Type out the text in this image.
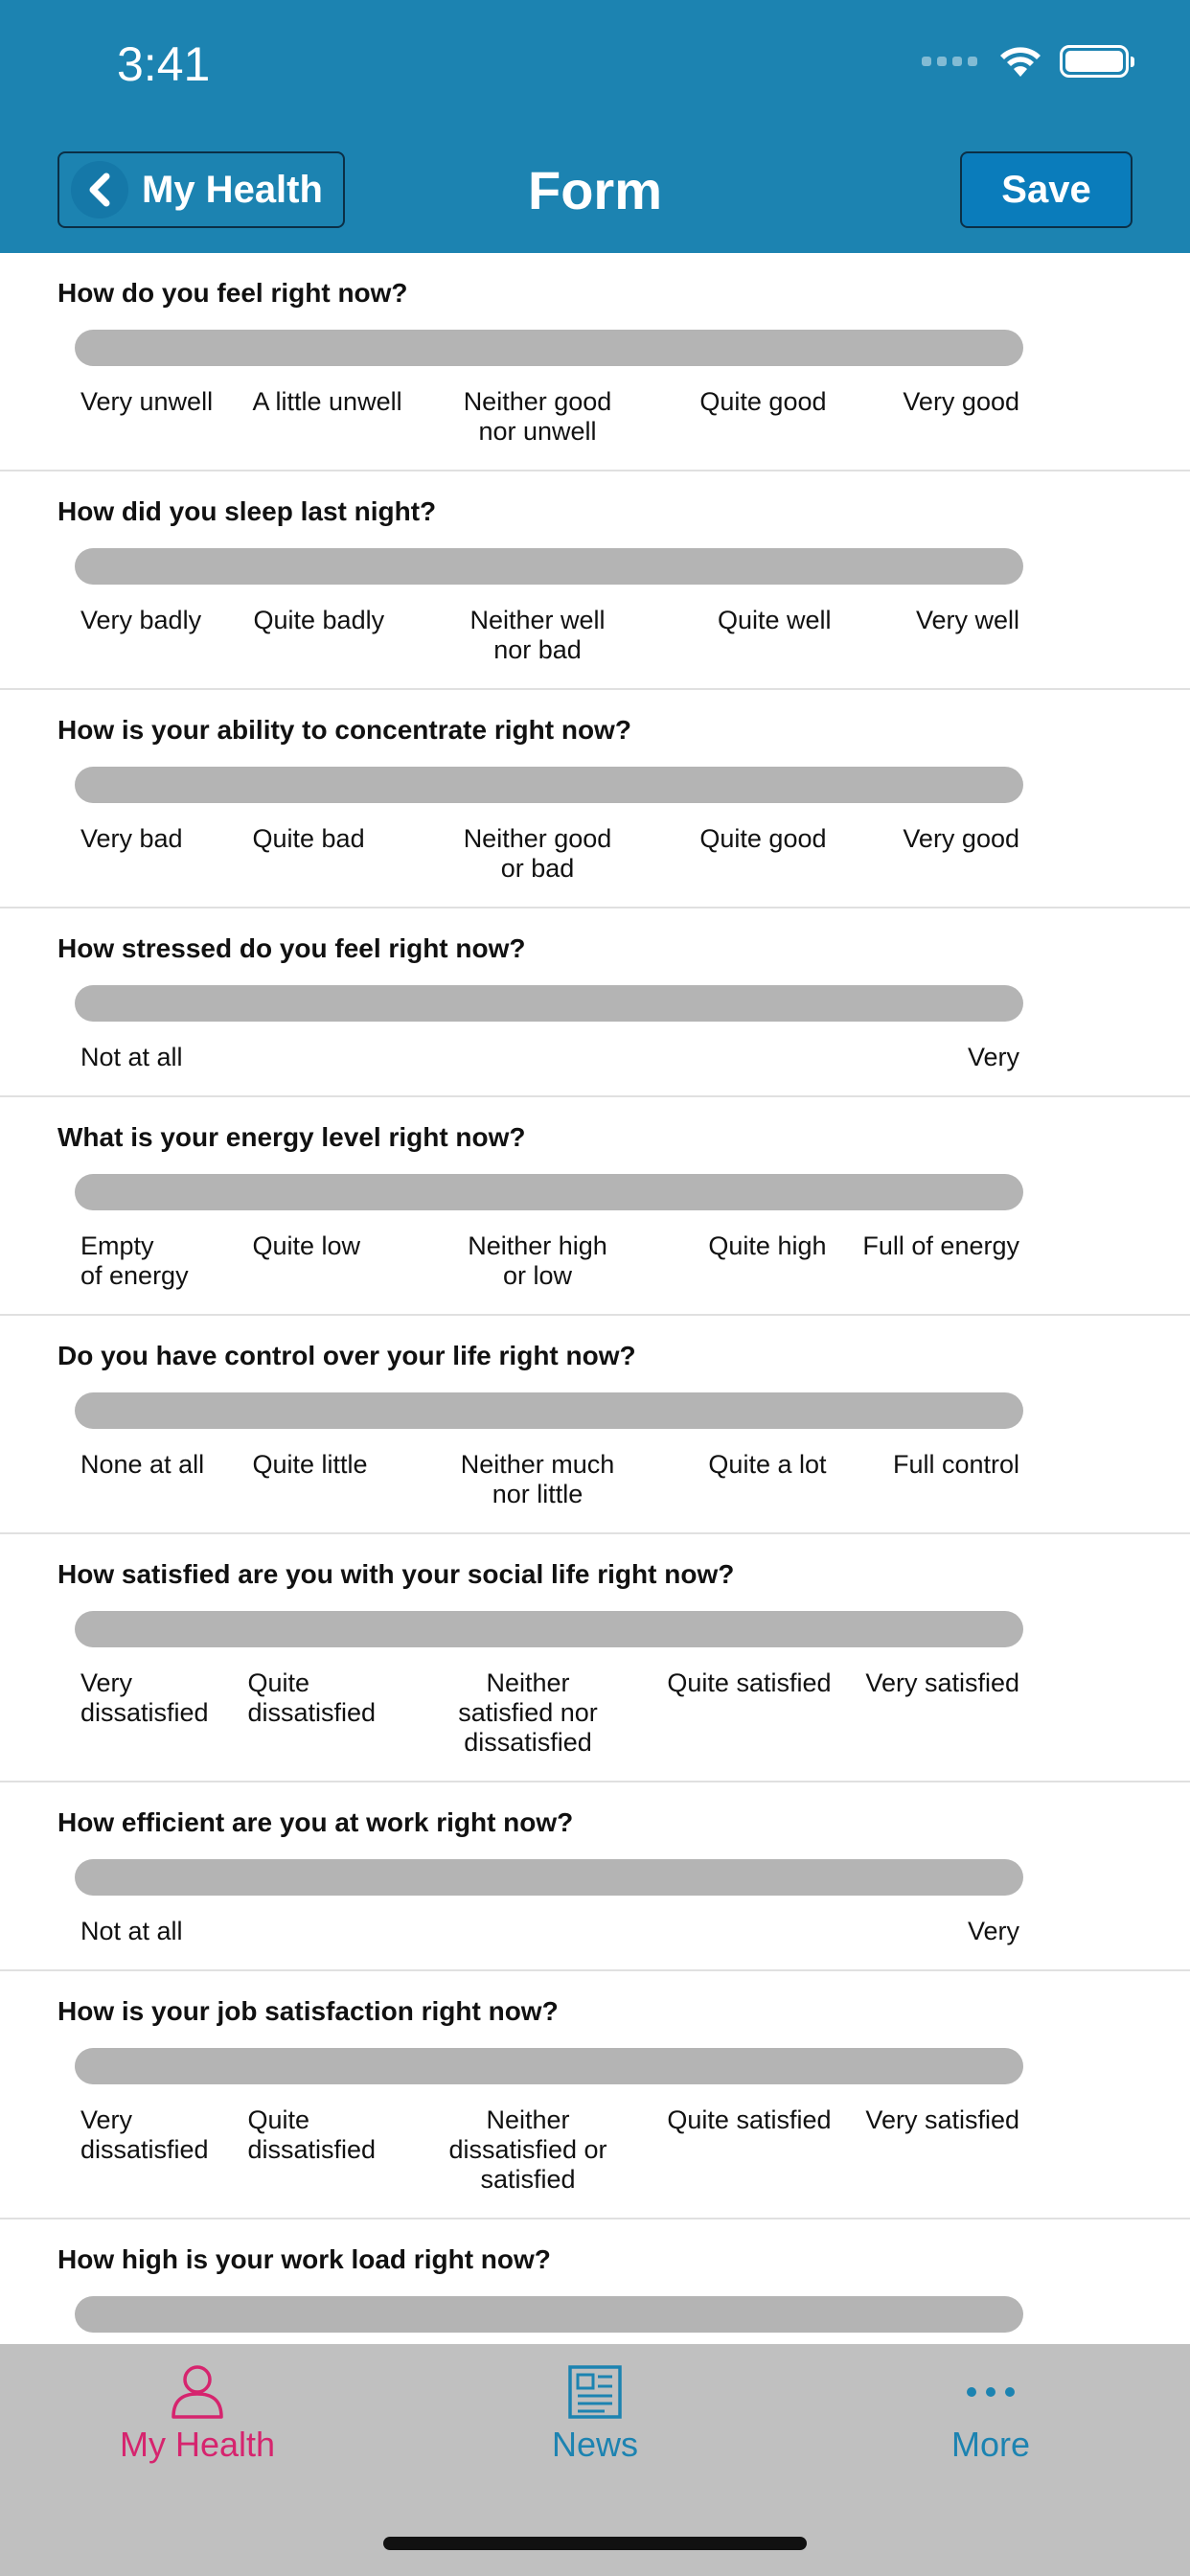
3:41
My Health	Form	Save
How do you feel right now?
Very unwell	A little unwell	Neither good
nor unwell
Quite good	Very good
How did you sleep last night?
Very badly	Quite badly	Neither well
nor bad
Quite well	Very well
How is your ability to concentrate right now?
Very bad	Quite bad	Neither good
or bad
Quite good	Very good
How stressed do you feel right now?
Not at all	Very
What is your energy level right now?
Empty
of energy
Quite low	Neither high
or low
Quite high	Full of energy
Do you have control over your life right now?
None at all	Quite little	Neither much
nor little
Quite a lot	Full control
How satisfied are you with your social life right now?
Very
dissatisfied
Quite
dissatisfied
Neither
satisfied nor
dissatisfied
Quite satisfied	Very satisfied
How efficient are you at work right now?
Not at all	Very
How is your job satisfaction right now?
Very
dissatisfied
Quite
dissatisfied
Neither
dissatisfied or
satisfied
Quite satisfied	Very satisfied
How high is your work load right now?
My Health	News	More
